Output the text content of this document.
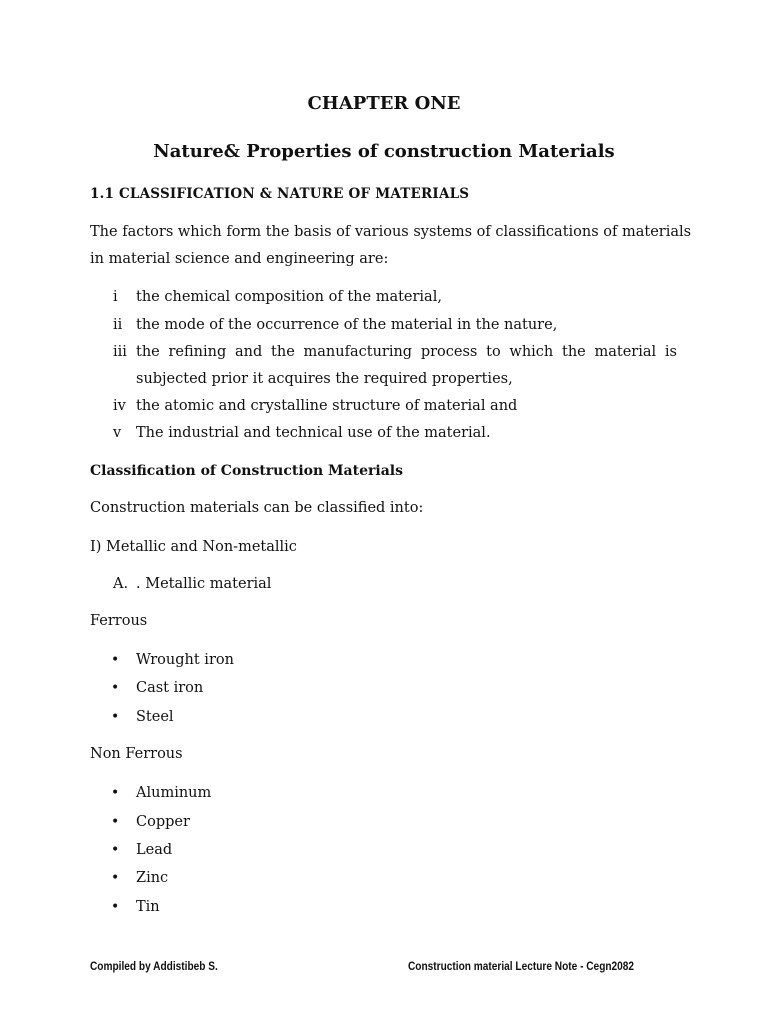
CHAPTER ONE
Nature& Properties of construction Materials
1.1 CLASSIFICATION & NATURE OF MATERIALS
The factors which form the basis of various systems of classifications of materials
in material science and engineering are:
i	the chemical composition of the material,
ii the mode of the occurrence of the material in the nature,
iii the refining and the manufacturing process to which the material is
subjected prior it acquires the required properties,
iv the atomic and crystalline structure of material and
v	The industrial and technical use of the material.
Classification of Construction Materials
Construction materials can be classified into:
I) Metallic and Non-metallic
A. . Metallic material
Ferrous
• Wrought iron
• Cast iron
• Steel
Non Ferrous
• Aluminum
• Copper
• Lead
• Zinc
• Tin
Compiled by Addistibeb S.	Construction material Lecture Note - Cegn2082
